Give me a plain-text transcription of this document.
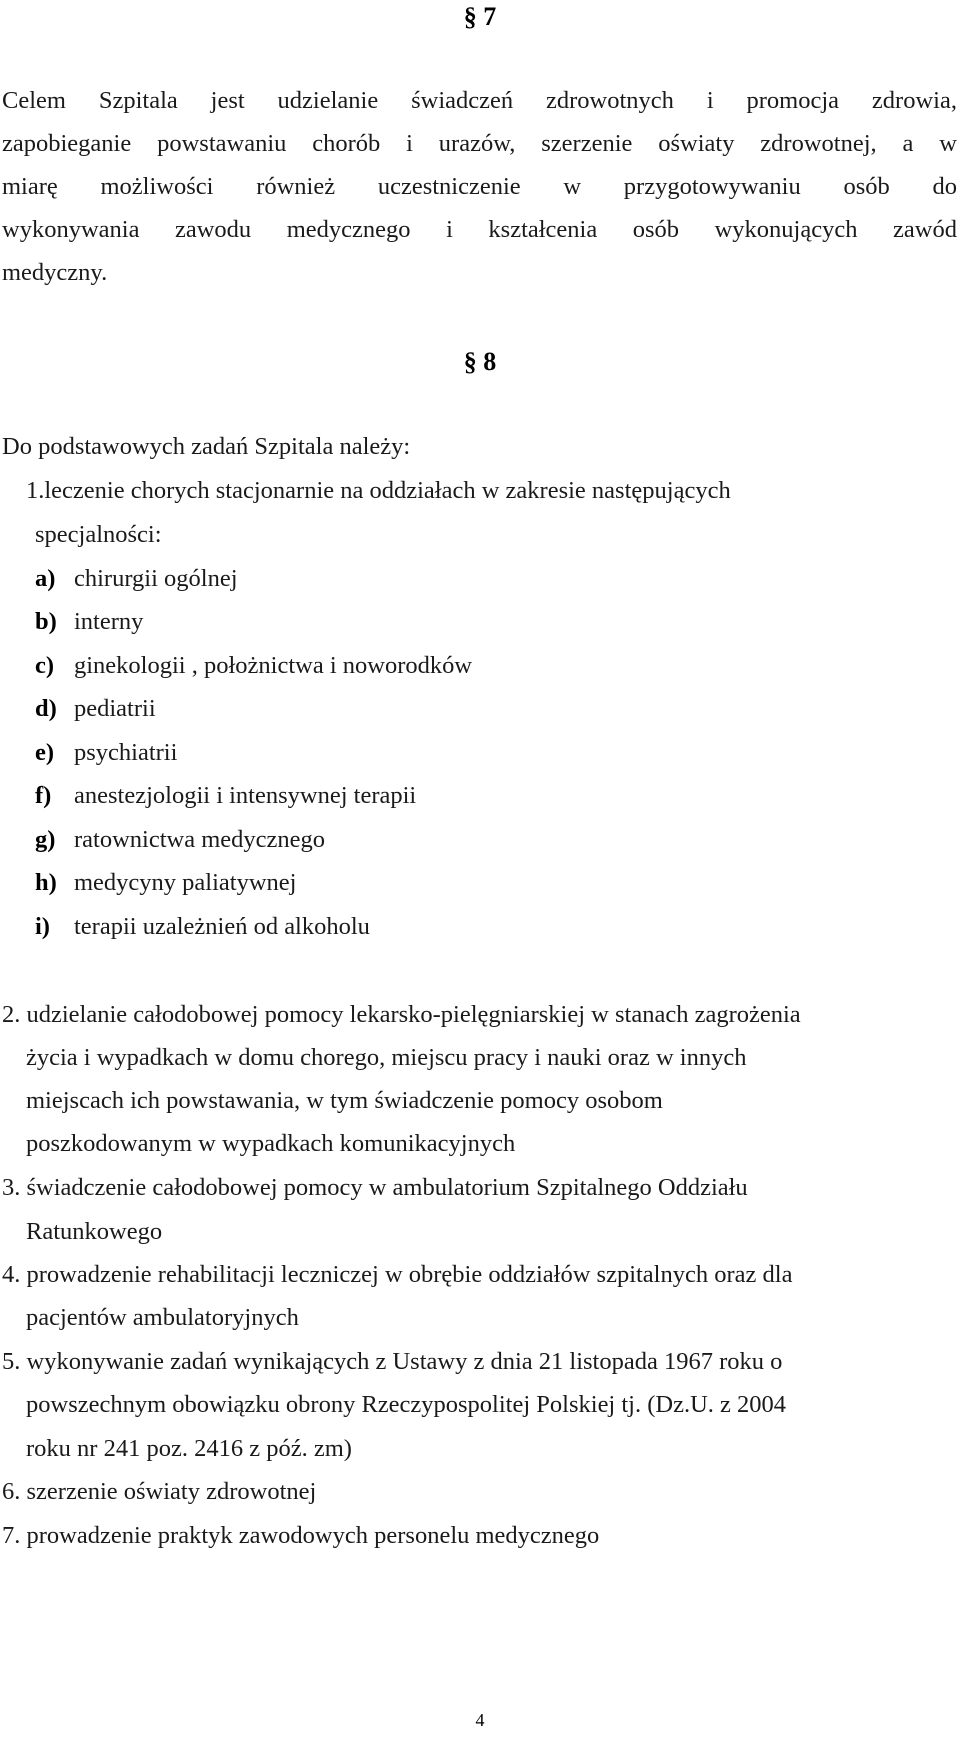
§ 7
Celem Szpitala jest udzielanie świadczeń zdrowotnych i promocja zdrowia,
zapobieganie powstawaniu chorób i urazów, szerzenie oświaty zdrowotnej, a w
miarę możliwości również uczestniczenie w przygotowywaniu osób do
wykonywania zawodu medycznego i kształcenia osób wykonujących zawód
medyczny.
§ 8
Do podstawowych zadań Szpitala należy:
1.leczenie chorych stacjonarnie na oddziałach w zakresie następujących
specjalności:
a) chirurgii ogólnej
b) interny
c) ginekologii , położnictwa i noworodków
d) pediatrii
e) psychiatrii
f) anestezjologii i intensywnej terapii
g) ratownictwa medycznego
h) medycyny paliatywnej
i) terapii uzależnień od alkoholu
2. udzielanie całodobowej pomocy lekarsko-pielęgniarskiej w stanach zagrożenia
życia i wypadkach w domu chorego, miejscu pracy i nauki oraz w innych
miejscach ich powstawania, w tym świadczenie pomocy osobom
poszkodowanym w wypadkach komunikacyjnych
3. świadczenie całodobowej pomocy w ambulatorium Szpitalnego Oddziału
Ratunkowego
4. prowadzenie rehabilitacji leczniczej w obrębie oddziałów szpitalnych oraz dla
pacjentów ambulatoryjnych
5. wykonywanie zadań wynikających z Ustawy z dnia 21 listopada 1967 roku o
powszechnym obowiązku obrony Rzeczypospolitej Polskiej tj. (Dz.U. z 2004
roku nr 241 poz. 2416 z póź. zm)
6. szerzenie oświaty zdrowotnej
7. prowadzenie praktyk zawodowych personelu medycznego
4
